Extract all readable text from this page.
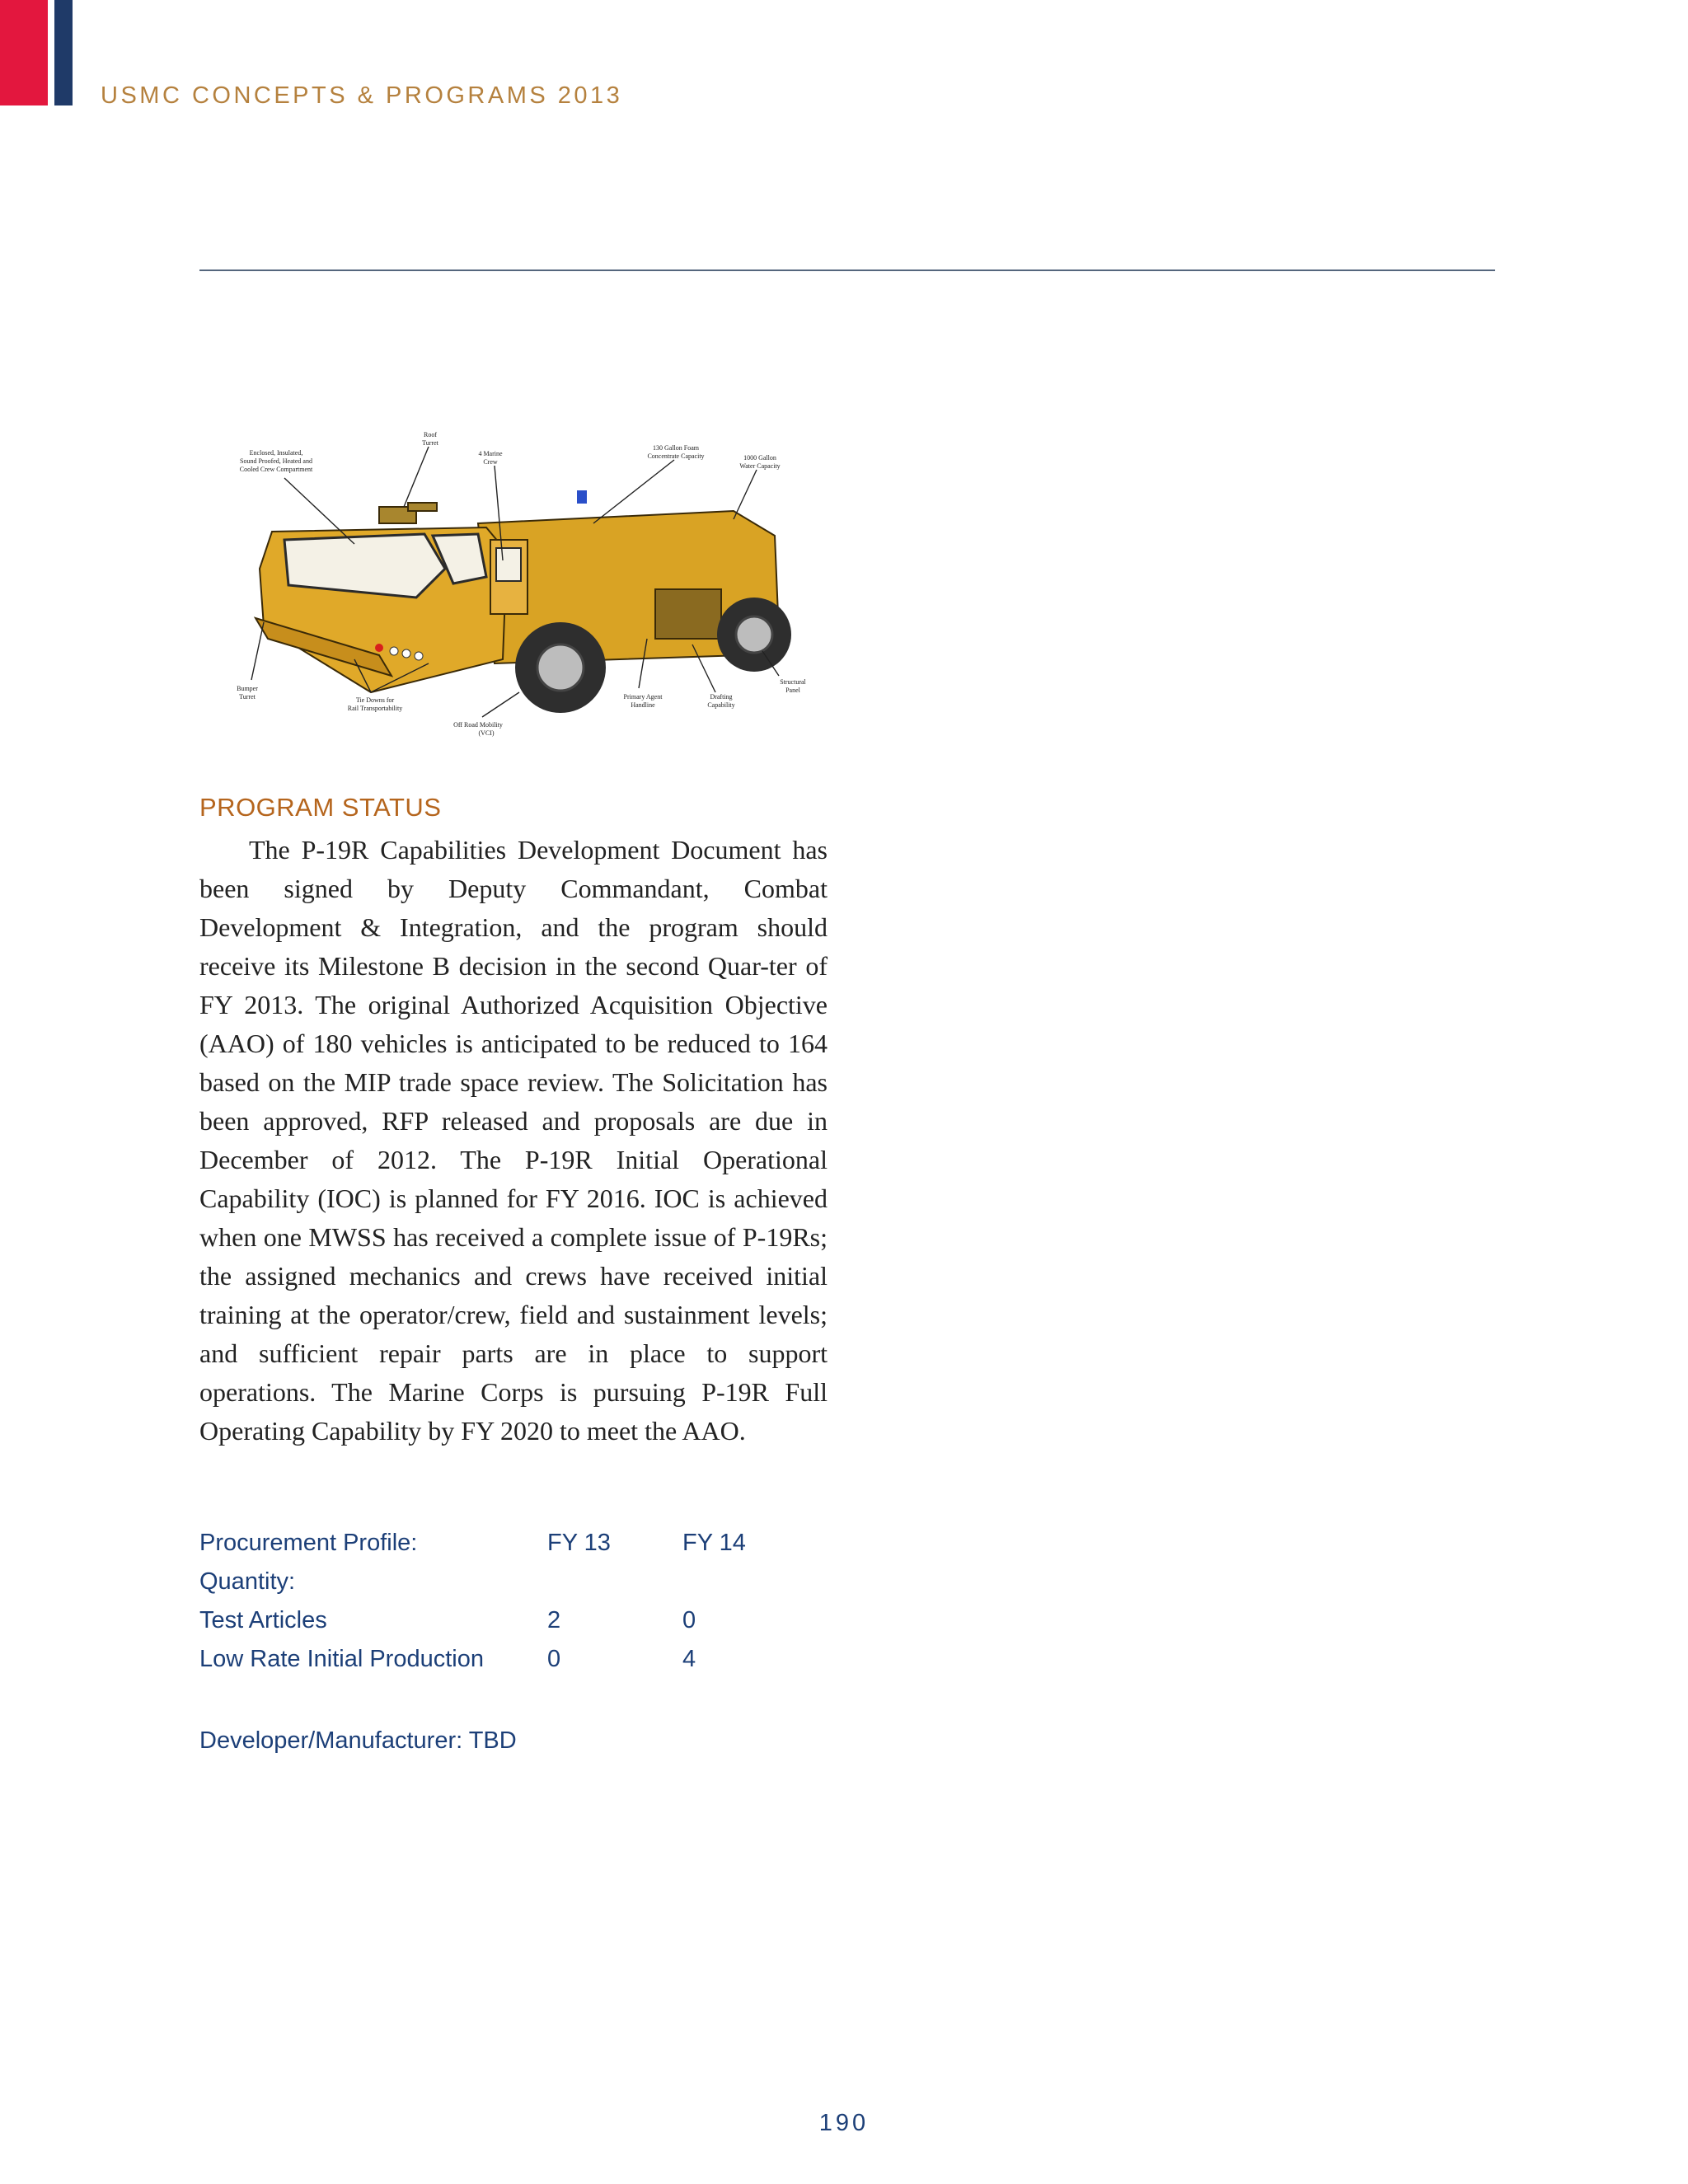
USMC CONCEPTS & PROGRAMS 2013
Enclosed, Insulated,
Sound Proofed, Heated and
Cooled Crew Compartment
Roof
Turret
4 Marine
Crew
130 Gallon Foam
Concentrate Capacity	1000 Gallon
Water Capacity
Bumper
Turret	Tie Downs for
Rail Transportability
Off Road Mobility
(VCI)
Primary Agent
Handline
Drafting
Capability
Structural
Panel
PROGRAM STATUS

The P-19R Capabilities Development Document has been signed by Deputy Commandant, Combat Development & Integration, and the program should receive its Milestone B decision in the second Quar-ter of FY 2013. The original Authorized Acquisition Objective (AAO) of 180 vehicles is anticipated to be reduced to 164 based on the MIP trade space review. The Solicitation has been approved, RFP released and proposals are due in December of 2012. The P-19R Initial Operational Capability (IOC) is planned for FY 2016. IOC is achieved when one MWSS has received a complete issue of P-19Rs; the assigned mechanics and crews have received initial training at the operator/crew, field and sustainment levels; and sufficient repair parts are in place to support operations. The Marine Corps is pursuing P-19R Full Operating Capability by FY 2020 to meet the AAO.

Procurement Profile:	FY 13	FY 14
Quantity:
Test Articles	2	0
Low Rate Initial Production	0	4
Developer/Manufacturer: TBD
190
